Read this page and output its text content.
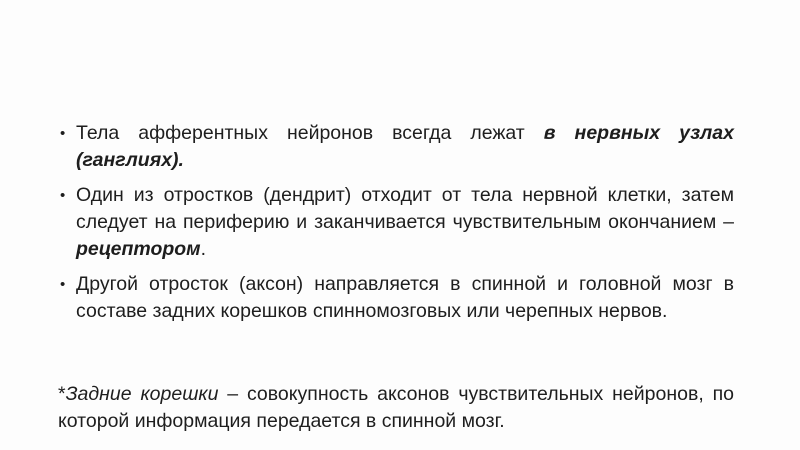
• Тела афферентных нейронов всегда лежат в нервных узлах (ганглиях).
• Один из отростков (дендрит) отходит от тела нервной клетки, затем следует на периферию и заканчивается чувствительным окончанием – рецептором.
• Другой отросток (аксон) направляется в спинной и головной мозг в составе задних корешков спинномозговых или черепных нервов.

*Задние корешки – совокупность аксонов чувствительных нейронов, по которой информация передается в спинной мозг.
